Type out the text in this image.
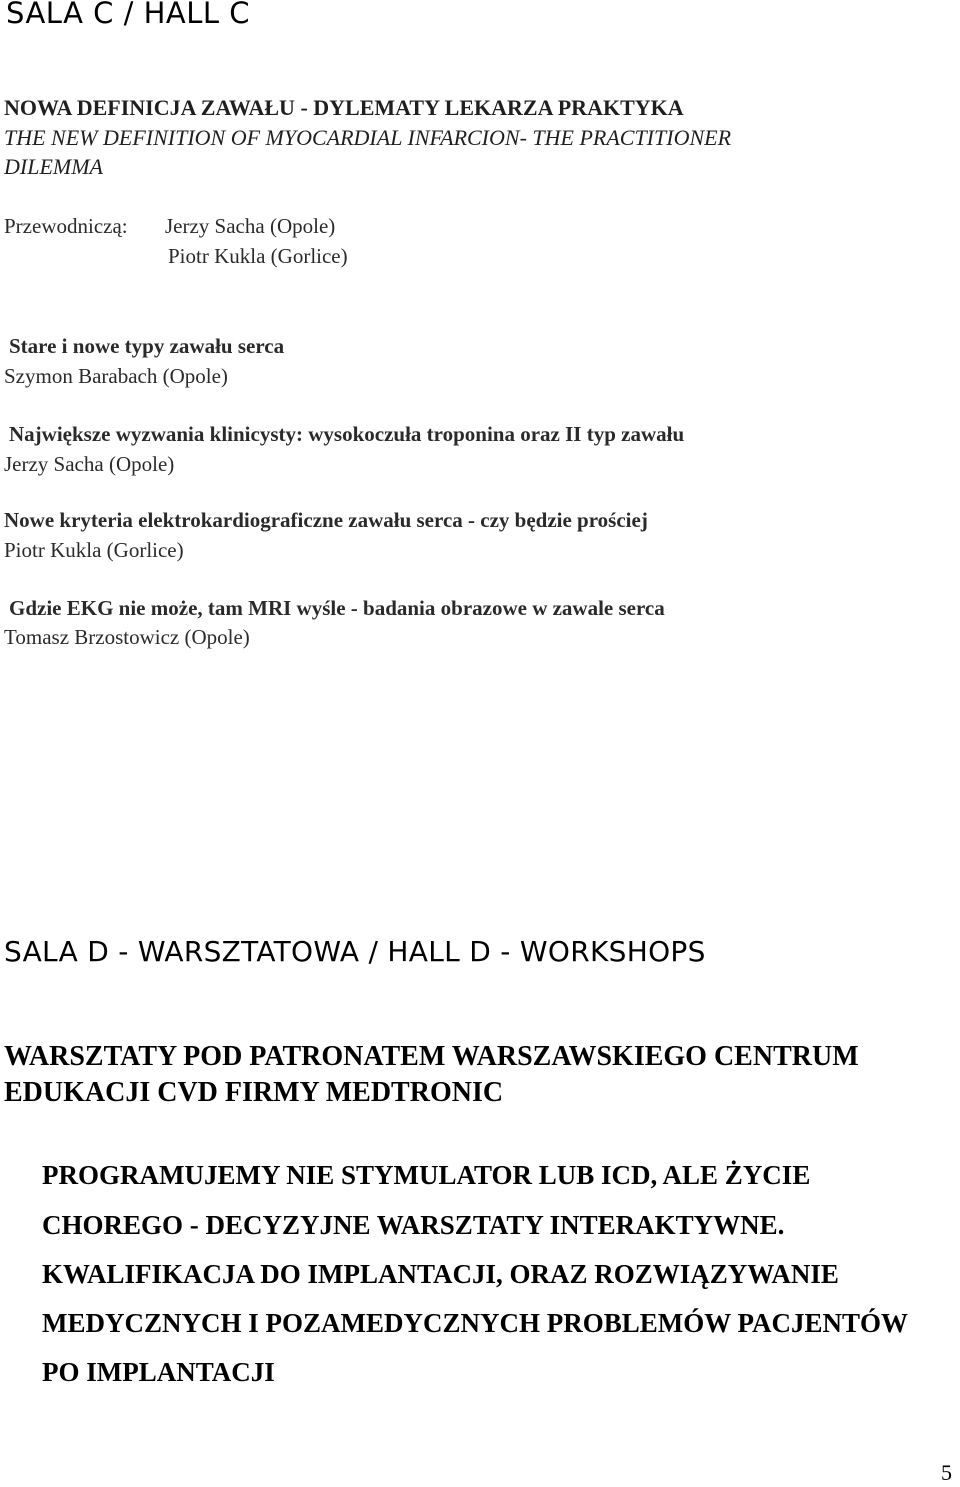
SALA C / HALL C
NOWA DEFINICJA ZAWAŁU - DYLEMATY LEKARZA PRAKTYKA
THE NEW DEFINITION OF MYOCARDIAL INFARCION- THE PRACTITIONER
DILEMMA
Przewodniczą: Jerzy Sacha (Opole)
Piotr Kukla (Gorlice)
Stare i nowe typy zawału serca
Szymon Barabach (Opole)
Największe wyzwania klinicysty: wysokoczuła troponina oraz II typ zawału
Jerzy Sacha (Opole)
Nowe kryteria elektrokardiograficzne zawału serca - czy będzie prościej
Piotr Kukla (Gorlice)
Gdzie EKG nie może, tam MRI wyśle - badania obrazowe w zawale serca
Tomasz Brzostowicz (Opole)
SALA D - WARSZTATOWA / HALL D - WORKSHOPS
WARSZTATY POD PATRONATEM WARSZAWSKIEGO CENTRUM
EDUKACJI CVD FIRMY MEDTRONIC
PROGRAMUJEMY NIE STYMULATOR LUB ICD, ALE ŻYCIE
CHOREGO - DECYZYJNE WARSZTATY INTERAKTYWNE.
KWALIFIKACJA DO IMPLANTACJI, ORAZ ROZWIĄZYWANIE
MEDYCZNYCH I POZAMEDYCZNYCH PROBLEMÓW PACJENTÓW
PO IMPLANTACJI
5
